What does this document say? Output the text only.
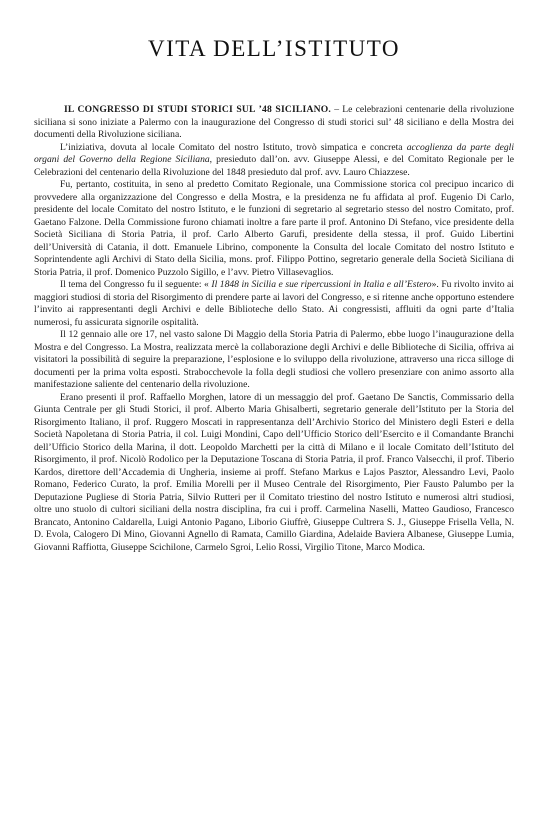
VITA DELL’ISTITUTO

IL CONGRESSO DI STUDI STORICI SUL ’48 SICILIANO. – Le celebrazioni centenarie della rivoluzione siciliana si sono iniziate a Palermo con la inaugurazione del Congresso di studi storici sul’ 48 siciliano e della Mostra dei documenti della Rivoluzione siciliana.

L’iniziativa, dovuta al locale Comitato del nostro Istituto, trovò simpatica e concreta accoglienza da parte degli organi del Governo della Regione Siciliana, presieduto dall’on. avv. Giuseppe Alessi, e del Comitato Regionale per le Celebrazioni del centenario della Rivoluzione del 1848 presieduto dal prof. avv. Lauro Chiazzese.

Fu, pertanto, costituita, in seno al predetto Comitato Regionale, una Commissione storica col precipuo incarico di provvedere alla organizzazione del Congresso e della Mostra, e la presidenza ne fu affidata al prof. Eugenio Di Carlo, presidente del locale Comitato del nostro Istituto, e le funzioni di segretario al segretario stesso del nostro Comitato, prof. Gaetano Falzone. Della Commissione furono chiamati inoltre a fare parte il prof. Antonino Di Stefano, vice presidente della Società Siciliana di Storia Patria, il prof. Carlo Alberto Garufi, presidente della stessa, il prof. Guido Libertini dell’Università di Catania, il dott. Emanuele Librino, componente la Consulta del locale Comitato del nostro Istituto e Soprintendente agli Archivi di Stato della Sicilia, mons. prof. Filippo Pottino, segretario generale della Società Siciliana di Storia Patria, il prof. Domenico Puzzolo Sigillo, e l’avv. Pietro Villasevaglios.

Il tema del Congresso fu il seguente: « Il 1848 in Sicilia e sue ripercussioni in Italia e all’Estero». Fu rivolto invito ai maggiori studiosi di storia del Risorgimento di prendere parte ai lavori del Congresso, e si ritenne anche opportuno estendere l’invito ai rappresentanti degli Archivi e delle Biblioteche dello Stato. Ai congressisti, affluiti da ogni parte d’Italia numerosi, fu assicurata signorile ospitalità.

Il 12 gennaio alle ore 17, nel vasto salone Di Maggio della Storia Patria di Palermo, ebbe luogo l’inaugurazione della Mostra e del Congresso. La Mostra, realizzata mercè la collaborazione degli Archivi e delle Biblioteche di Sicilia, offriva ai visitatori la possibilità di seguire la preparazione, l’esplosione e lo sviluppo della rivoluzione, attraverso una ricca silloge di documenti per la prima volta esposti. Strabocchevole la folla degli studiosi che vollero presenziare con animo assorto alla manifestazione saliente del centenario della rivoluzione.

Erano presenti il prof. Raffaello Morghen, latore di un messaggio del prof. Gaetano De Sanctis, Commissario della Giunta Centrale per gli Studi Storici, il prof. Alberto Maria Ghisalberti, segretario generale dell’Istituto per la Storia del Risorgimento Italiano, il prof. Ruggero Moscati in rappresentanza dell’Archivio Storico del Ministero degli Esteri e della Società Napoletana di Storia Patria, il col. Luigi Mondini, Capo dell’Ufficio Storico dell’Esercito e il Comandante Branchi dell’Ufficio Storico della Marina, il dott. Leopoldo Marchetti per la città di Milano e il locale Comitato dell’Istituto del Risorgimento, il prof. Nicolò Rodolico per la Deputazione Toscana di Storia Patria, il prof. Franco Valsecchi, il prof. Tiberio Kardos, direttore dell’Accademia di Ungheria, insieme ai proff. Stefano Markus e Lajos Pasztor, Alessandro Levi, Paolo Romano, Federico Curato, la prof. Emilia Morelli per il Museo Centrale del Risorgimento, Pier Fausto Palumbo per la Deputazione Pugliese di Storia Patria, Silvio Rutteri per il Comitato triestino del nostro Istituto e numerosi altri studiosi, oltre uno stuolo di cultori siciliani della nostra disciplina, fra cui i proff. Carmelina Naselli, Matteo Gaudioso, Francesco Brancato, Antonino Caldarella, Luigi Antonio Pagano, Liborio Giuffrè, Giuseppe Cultrera S. J., Giuseppe Frisella Vella, N. D. Evola, Calogero Di Mino, Giovanni Agnello di Ramata, Camillo Giardina, Adelaide Baviera Albanese, Giuseppe Lumia, Giovanni Raffiotta, Giuseppe Scichilone, Carmelo Sgroi, Lelio Rossi, Virgilio Titone, Marco Modica.
